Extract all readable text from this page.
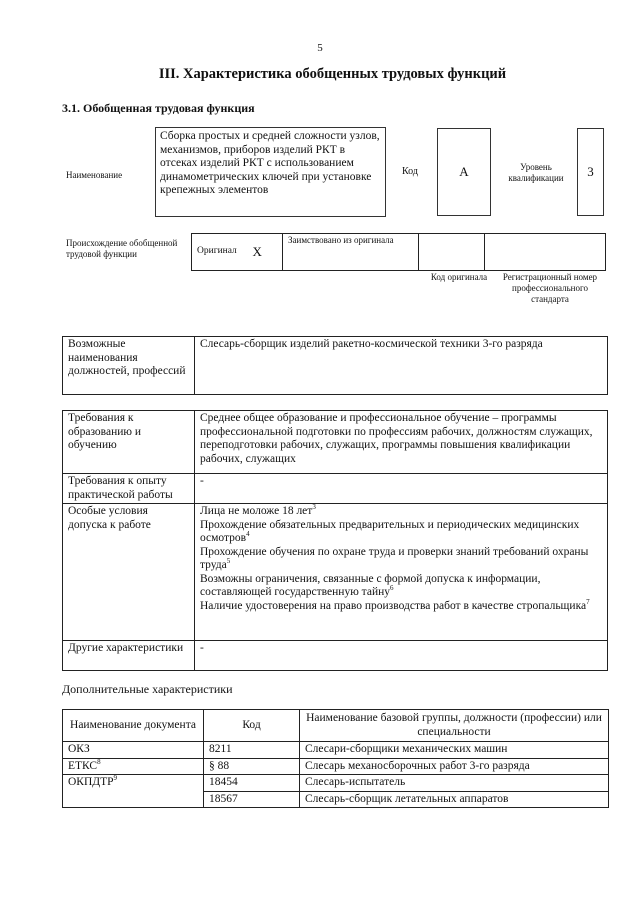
5
III. Характеристика обобщенных трудовых функций
3.1. Обобщенная трудовая функция
Наименование
Сборка простых и средней сложности узлов, механизмов, приборов изделий РКТ в отсеках изделий РКТ с использованием динамометрических ключей при установке крепежных элементов
Код	А	Уровень квалификации	3
Происхождение обобщенной трудовой функции	Оригинал	X	Заимствовано из оригинала		
Код оригинала	Регистрационный номер профессионального стандарта
Возможные наименования должностей, профессий	Слесарь-сборщик изделий ракетно-космической техники 3-го разряда
Требования к образованию и обучению	Среднее общее образование и профессиональное обучение – программы профессиональной подготовки по профессиям рабочих, должностям служащих, переподготовки рабочих, служащих, программы повышения квалификации рабочих, служащих
Требования к опыту практической работы	-
Особые условия допуска к работе	Лица не моложе 18 лет$^3$
Прохождение обязательных предварительных и периодических медицинских осмотров$^4$
Прохождение обучения по охране труда и проверки знаний требований охраны труда$^5$
Возможны ограничения, связанные с формой допуска к информации, составляющей государственную тайну$^6$
Наличие удостоверения на право производства работ в качестве стропальщика$^7$

Другие характеристики	-
Дополнительные характеристики
Наименование документа	Код	Наименование базовой группы, должности (профессии) или специальности
ОКЗ	8211	Слесари-сборщики механических машин
ЕТКС$^8$	§ 88	Слесарь механосборочных работ 3-го разряда
ОКПДТР$^9$	18454	Слесарь-испытатель
	18567	Слесарь-сборщик летательных аппаратов
